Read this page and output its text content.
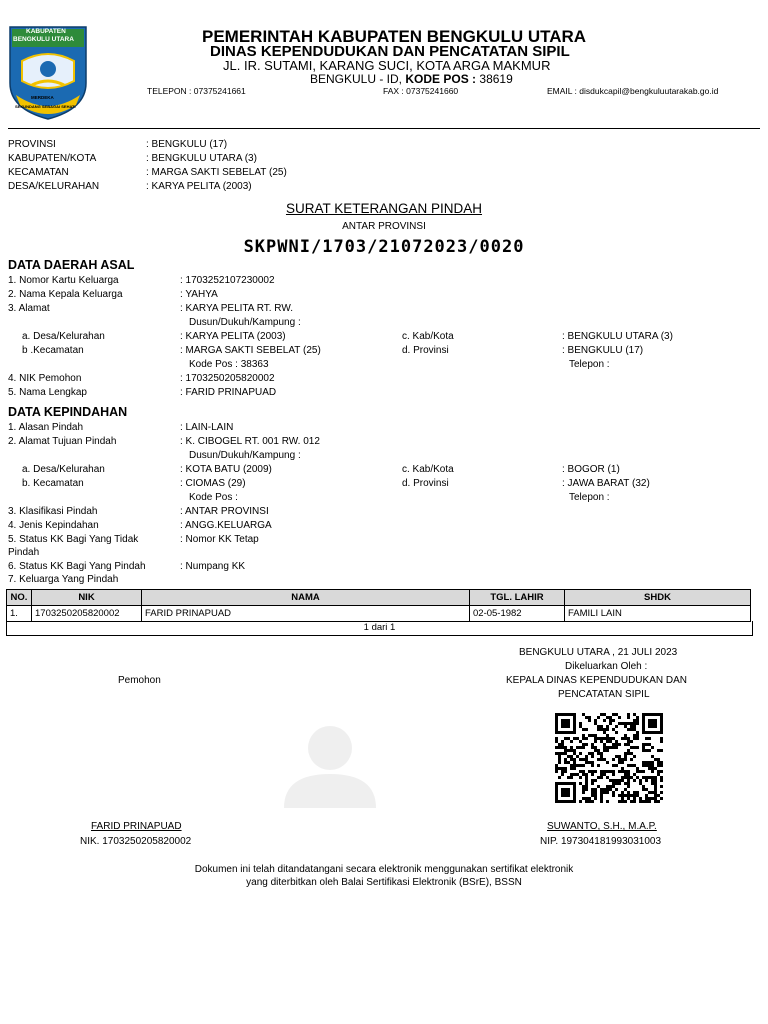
KABUPATEN
BENGKULU UTARA
MERDEKA
SEKUNDANG SEBAGAI SEHATI
PEMERINTAH KABUPATEN BENGKULU UTARA
DINAS KEPENDUDUKAN DAN PENCATATAN SIPIL
JL. IR. SUTAMI, KARANG SUCI, KOTA ARGA MAKMUR
BENGKULU - ID, KODE POS : 38619
TELEPON : 07375241661	FAX : 07375241660	EMAIL : disdukcapil@bengkuluutarakab.go.id
PROVINSI	: BENGKULU (17)
KABUPATEN/KOTA	: BENGKULU UTARA (3)
KECAMATAN	: MARGA SAKTI SEBELAT (25)
DESA/KELURAHAN	: KARYA PELITA (2003)
SURAT KETERANGAN PINDAH
ANTAR PROVINSI
SKPWNI/1703/21072023/0020
DATA DAERAH ASAL
1. Nomor Kartu Keluarga	: 1703252107230002
2. Nama Kepala Keluarga	: YAHYA
3. Alamat	: KARYA PELITA RT. RW.
Dusun/Dukuh/Kampung :
a. Desa/Kelurahan	: KARYA PELITA (2003)	c. Kab/Kota	: BENGKULU UTARA (3)
b .Kecamatan	: MARGA SAKTI SEBELAT (25)	d. Provinsi	: BENGKULU (17)
Kode Pos : 38363	Telepon :
4. NIK Pemohon	: 1703250205820002
5. Nama Lengkap	: FARID PRINAPUAD
DATA KEPINDAHAN
1. Alasan Pindah	: LAIN-LAIN
2. Alamat Tujuan Pindah	: K. CIBOGEL RT. 001 RW. 012
Dusun/Dukuh/Kampung :
a. Desa/Kelurahan	: KOTA BATU (2009)	c. Kab/Kota	: BOGOR (1)
b. Kecamatan	: CIOMAS (29)	d. Provinsi	: JAWA BARAT (32)
Kode Pos :	Telepon :
3. Klasifikasi Pindah	: ANTAR PROVINSI
4. Jenis Kepindahan	: ANGG.KELUARGA
5. Status KK Bagi Yang Tidak	: Nomor KK Tetap
Pindah
6. Status KK Bagi Yang Pindah	: Numpang KK
7. Keluarga Yang Pindah
NO.	NIK	NAMA	TGL. LAHIR	SHDK
1.	1703250205820002	FARID PRINAPUAD	02-05-1982	FAMILI LAIN
1 dari 1
BENGKULU UTARA , 21 JULI 2023
Dikeluarkan Oleh :
KEPALA DINAS KEPENDUDUKAN DAN
PENCATATAN SIPIL
Pemohon
FARID PRINAPUAD
NIK. 1703250205820002
SUWANTO, S.H., M.A.P.
NIP. 197304181993031003
Dokumen ini telah ditandatangani secara elektronik menggunakan sertifikat elektronik
yang diterbitkan oleh Balai Sertifikasi Elektronik (BSrE), BSSN
